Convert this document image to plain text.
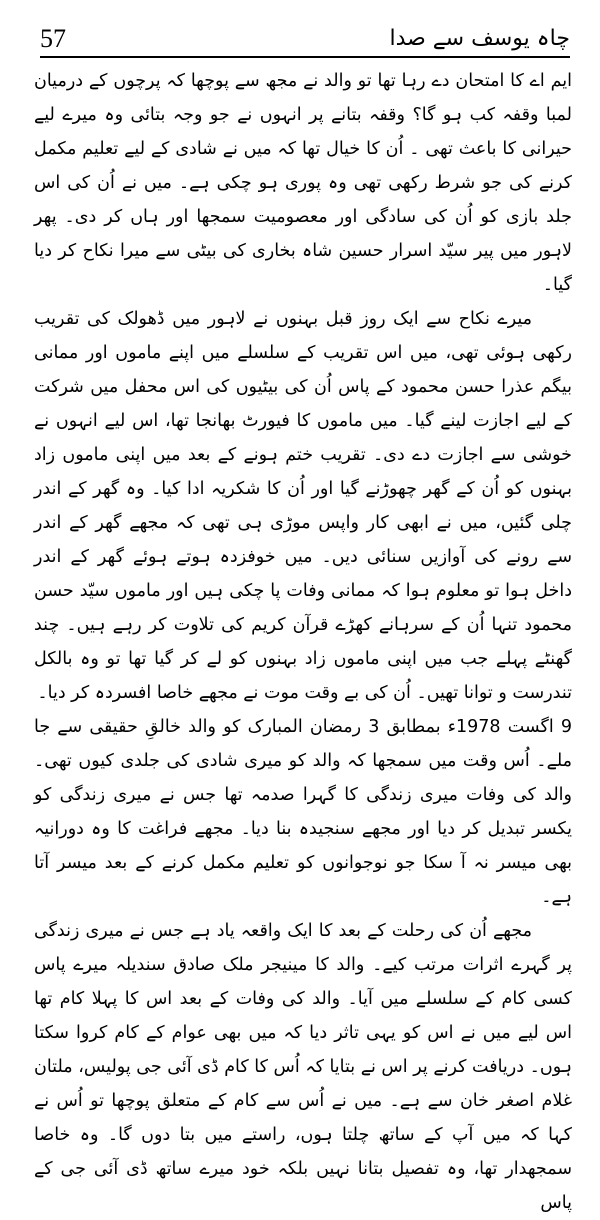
57	چاہ یوسف سے صدا

ایم اے کا امتحان دے رہا تھا تو والد نے مجھ سے پوچھا کہ پرچوں کے درمیان لمبا وقفہ کب ہو گا؟ وقفہ بتانے پر انہوں نے جو وجہ بتائی وہ میرے لیے حیرانی کا باعث تھی ۔ اُن کا خیال تھا کہ میں نے شادی کے لیے تعلیم مکمل کرنے کی جو شرط رکھی تھی وہ پوری ہو چکی ہے۔ میں نے اُن کی اس جلد بازی کو اُن کی سادگی اور معصومیت سمجھا اور ہاں کر دی۔ پھر لاہور میں پیر سیّد اسرار حسین شاہ بخاری کی بیٹی سے میرا نکاح کر دیا گیا۔

میرے نکاح سے ایک روز قبل بہنوں نے لاہور میں ڈھولک کی تقریب رکھی ہوئی تھی، میں اس تقریب کے سلسلے میں اپنے ماموں اور ممانی بیگم عذرا حسن محمود کے پاس اُن کی بیٹیوں کی اس محفل میں شرکت کے لیے اجازت لینے گیا۔ میں ماموں کا فیورٹ بھانجا تھا، اس لیے انہوں نے خوشی سے اجازت دے دی۔ تقریب ختم ہونے کے بعد میں اپنی ماموں زاد بہنوں کو اُن کے گھر چھوڑنے گیا اور اُن کا شکریہ ادا کیا۔ وہ گھر کے اندر چلی گئیں، میں نے ابھی کار واپس موڑی ہی تھی کہ مجھے گھر کے اندر سے رونے کی آوازیں سنائی دیں۔ میں خوفزدہ ہوتے ہوئے گھر کے اندر داخل ہوا تو معلوم ہوا کہ ممانی وفات پا چکی ہیں اور ماموں سیّد حسن محمود تنہا اُن کے سرہانے کھڑے قرآن کریم کی تلاوت کر رہے ہیں۔ چند گھنٹے پہلے جب میں اپنی ماموں زاد بہنوں کو لے کر گیا تھا تو وہ بالکل تندرست و توانا تھیں۔ اُن کی بے وقت موت نے مجھے خاصا افسردہ کر دیا۔

9 اگست 1978ء بمطابق 3 رمضان المبارک کو والد خالقِ حقیقی سے جا ملے۔ اُس وقت میں سمجھا کہ والد کو میری شادی کی جلدی کیوں تھی۔ والد کی وفات میری زندگی کا گہرا صدمہ تھا جس نے میری زندگی کو یکسر تبدیل کر دیا اور مجھے سنجیدہ بنا دیا۔ مجھے فراغت کا وہ دورانیہ بھی میسر نہ آ سکا جو نوجوانوں کو تعلیم مکمل کرنے کے بعد میسر آتا ہے۔

مجھے اُن کی رحلت کے بعد کا ایک واقعہ یاد ہے جس نے میری زندگی پر گہرے اثرات مرتب کیے۔ والد کا مینیجر ملک صادق سندیلہ میرے پاس کسی کام کے سلسلے میں آیا۔ والد کی وفات کے بعد اس کا پہلا کام تھا اس لیے میں نے اس کو یہی تاثر دیا کہ میں بھی عوام کے کام کروا سکتا ہوں۔ دریافت کرنے پر اس نے بتایا کہ اُس کا کام ڈی آئی جی پولیس، ملتان غلام اصغر خان سے ہے۔ میں نے اُس سے کام کے متعلق پوچھا تو اُس نے کہا کہ میں آپ کے ساتھ چلتا ہوں، راستے میں بتا دوں گا۔ وہ خاصا سمجھدار تھا، وہ تفصیل بتانا نہیں بلکہ خود میرے ساتھ ڈی آئی جی کے پاس
